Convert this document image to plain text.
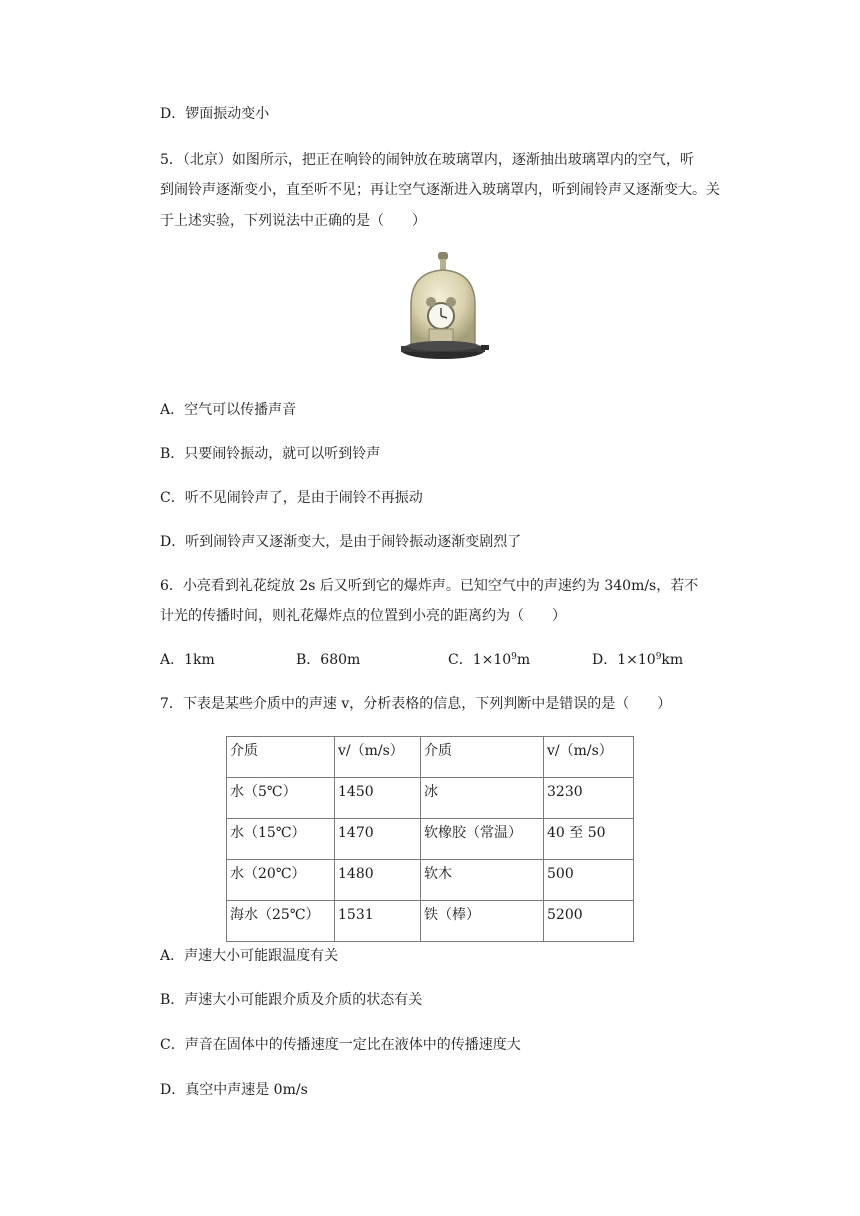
D．锣面振动变小
5．（北京）如图所示，把正在响铃的闹钟放在玻璃罩内，逐渐抽出玻璃罩内的空气，听
到闹铃声逐渐变小，直至听不见；再让空气逐渐进入玻璃罩内，听到闹铃声又逐渐变大。关
于上述实验，下列说法中正确的是（　　）
A．空气可以传播声音
B．只要闹铃振动，就可以听到铃声
C．听不见闹铃声了，是由于闹铃不再振动
D．听到闹铃声又逐渐变大，是由于闹铃振动逐渐变剧烈了
6．小亮看到礼花绽放 2s 后又听到它的爆炸声。已知空气中的声速约为 340m/s，若不
计光的传播时间，则礼花爆炸点的位置到小亮的距离约为（　　）
A．1km	B．680m	C．$1\times 10^9m$	D．$1\times 10^9km$
7．下表是某些介质中的声速 v，分析表格的信息，下列判断中是错误的是（　　）
介质	v/（m/s）	介质	v/（m/s）
水（5℃）	1450	冰	3230
水（15℃）	1470	软橡胶（常温）	40 至 50
水（20℃）	1480	软木	500
海水（25℃）	1531	铁（棒）	5200
A．声速大小可能跟温度有关
B．声速大小可能跟介质及介质的状态有关
C．声音在固体中的传播速度一定比在液体中的传播速度大
D．真空中声速是 0m/s
